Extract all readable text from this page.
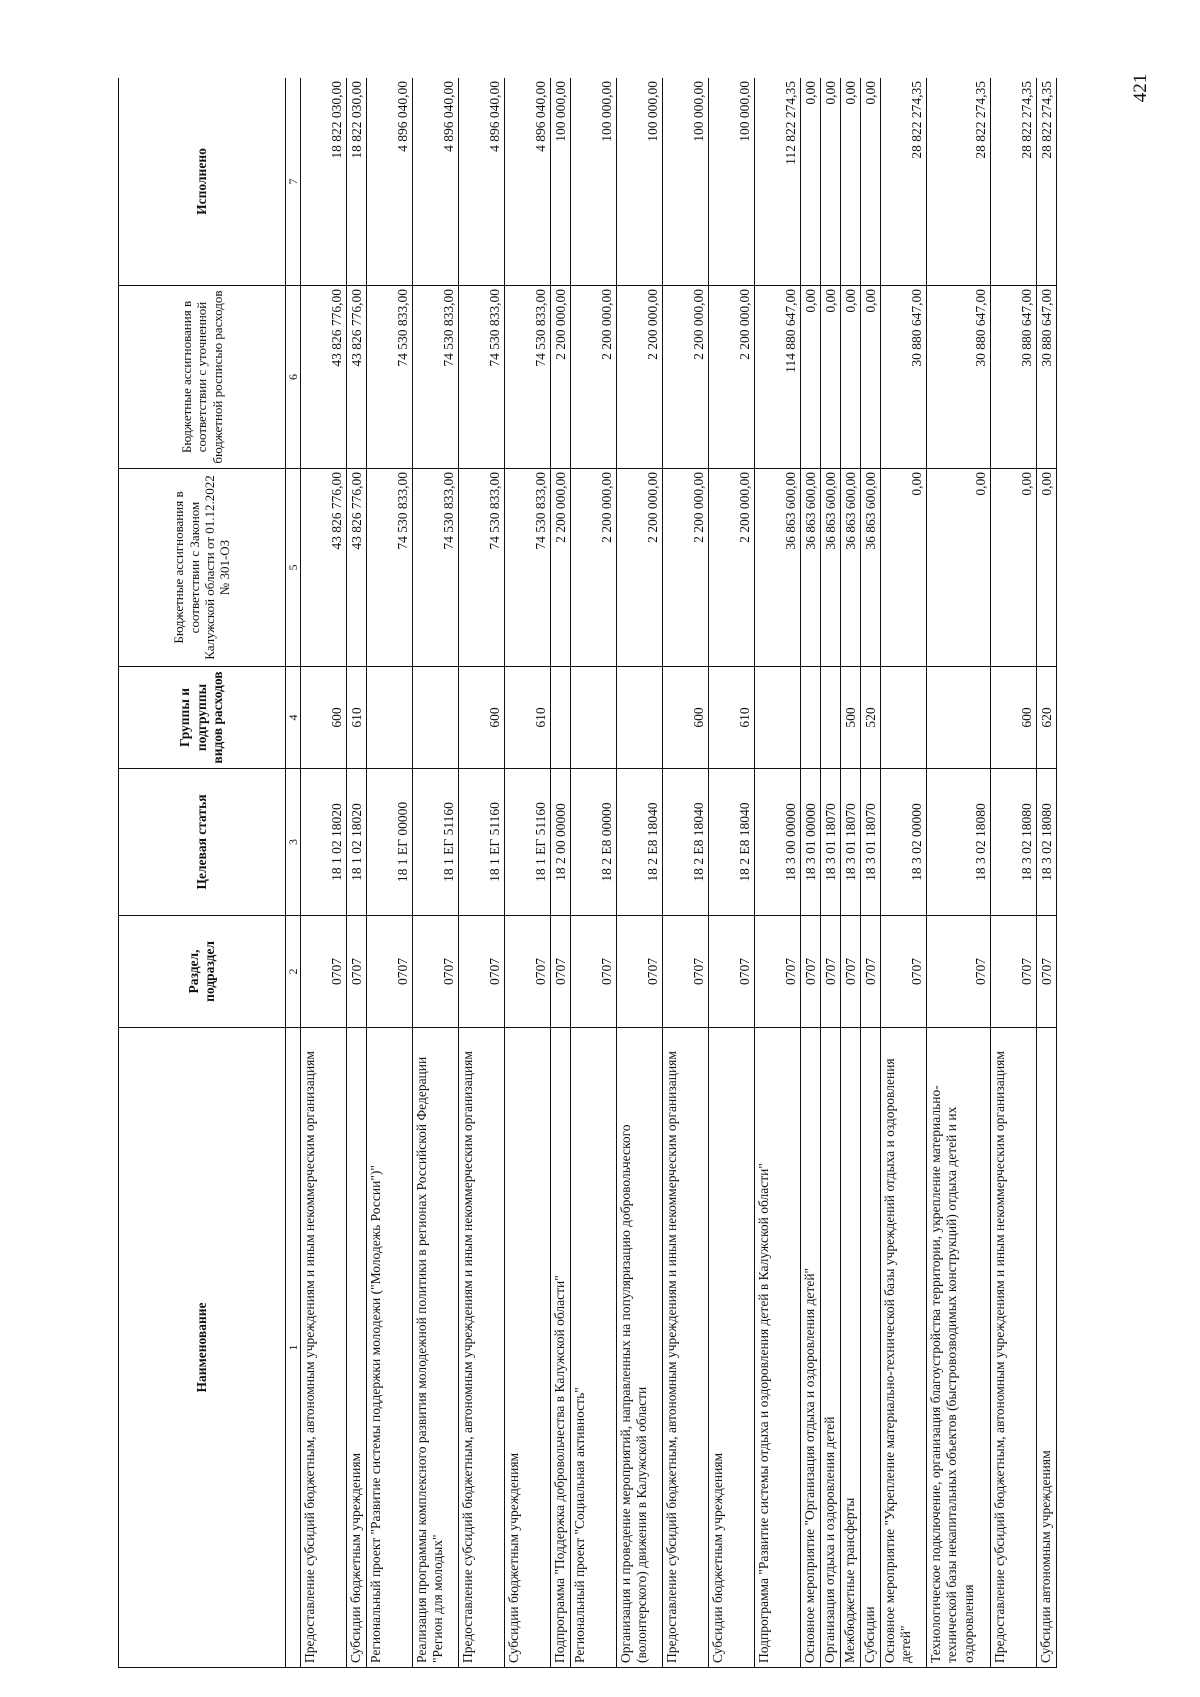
421
Наименование	Раздел, подраздел	Целевая статья	Группы и подгруппы видов расходов	Бюджетные ассигнования в соответствии с Законом Калужской области от 01.12.2022 № 301-ОЗ	Бюджетные ассигнования в соответствии с уточненной бюджетной росписью расходов	Исполнено
1	2	3	4	5	6	7
Предоставление субсидий бюджетным, автономным учреждениям и иным некоммерческим организациям	0707	18 1 02 18020	600	43 826 776,00	43 826 776,00	18 822 030,00
Субсидии бюджетным учреждениям	0707	18 1 02 18020	610	43 826 776,00	43 826 776,00	18 822 030,00
Региональный проект "Развитие системы поддержки молодежи ("Молодежь России")"	0707	18 1 ЕГ 00000		74 530 833,00	74 530 833,00	4 896 040,00
Реализация программы комплексного развития молодежной политики в регионах Российской Федерации "Регион для молодых"	0707	18 1 ЕГ 51160		74 530 833,00	74 530 833,00	4 896 040,00
Предоставление субсидий бюджетным, автономным учреждениям и иным некоммерческим организациям	0707	18 1 ЕГ 51160	600	74 530 833,00	74 530 833,00	4 896 040,00
Субсидии бюджетным учреждениям	0707	18 1 ЕГ 51160	610	74 530 833,00	74 530 833,00	4 896 040,00
Подпрограмма "Поддержка добровольчества в Калужской области"	0707	18 2 00 00000		2 200 000,00	2 200 000,00	100 000,00
Региональный проект "Социальная активность"	0707	18 2 Е8 00000		2 200 000,00	2 200 000,00	100 000,00
Организация и проведение мероприятий, направленных на популяризацию добровольческого (волонтерского) движения в Калужской области	0707	18 2 Е8 18040		2 200 000,00	2 200 000,00	100 000,00
Предоставление субсидий бюджетным, автономным учреждениям и иным некоммерческим организациям	0707	18 2 Е8 18040	600	2 200 000,00	2 200 000,00	100 000,00
Субсидии бюджетным учреждениям	0707	18 2 Е8 18040	610	2 200 000,00	2 200 000,00	100 000,00
Подпрограмма "Развитие системы отдыха и оздоровления детей в Калужской области"	0707	18 3 00 00000		36 863 600,00	114 880 647,00	112 822 274,35
Основное мероприятие "Организация отдыха и оздоровления детей"	0707	18 3 01 00000		36 863 600,00	0,00	0,00
Организация отдыха и оздоровления детей	0707	18 3 01 18070		36 863 600,00	0,00	0,00
Межбюджетные трансферты	0707	18 3 01 18070	500	36 863 600,00	0,00	0,00
Субсидии	0707	18 3 01 18070	520	36 863 600,00	0,00	0,00
Основное мероприятие "Укрепление материально-технической базы учреждений отдыха и оздоровления детей"	0707	18 3 02 00000		0,00	30 880 647,00	28 822 274,35
Технологическое подключение, организация благоустройства территории, укрепление материально-технической базы некапитальных объектов (быстровозводимых конструкций) отдыха детей и их оздоровления	0707	18 3 02 18080		0,00	30 880 647,00	28 822 274,35
Предоставление субсидий бюджетным, автономным учреждениям и иным некоммерческим организациям	0707	18 3 02 18080	600	0,00	30 880 647,00	28 822 274,35
Субсидии автономным учреждениям	0707	18 3 02 18080	620	0,00	30 880 647,00	28 822 274,35
